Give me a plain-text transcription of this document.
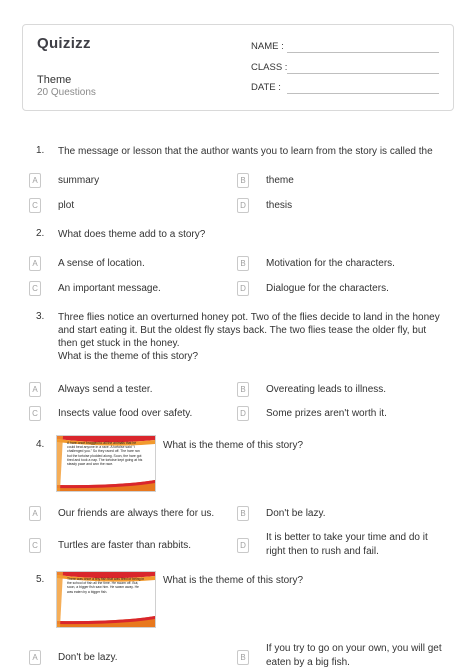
Quizizz
Theme
20 Questions
NAME :
CLASS :
DATE :
1. The message or lesson that the author wants you to learn from the story is called the
A	summary	B	theme
C	plot	D	thesis
2. What does theme add to a story?
A	A sense of location.	B	Motivation for the characters.
C	An important message.	D	Dialogue for the characters.
3. Three flies notice an overturned honey pot. Two of the flies decide to land in the honey
and start eating it. But the oldest fly stays back. The two flies tease the older fly, but
then get stuck in the honey.
What is the theme of this story?
A	Always send a tester.	B	Overeating leads to illness.
C	Insects value food over safety.	D	Some prizes aren't worth it.
4.	A hare once bragged to all the animals that he could beat anyone in a race. A tortoise said "I challenged you." So they raced off. The hare ran but the tortoise plodded along. Soon, the hare got tired and took a nap. The tortoise kept going at his steady pace and won the race.
What is the theme of this story?
A	Our friends are always there for us.	B	Don't be lazy.
C	Turtles are faster than rabbits.	D
It is better to take your time and do it
right then to rush and fail.
5.	There was once a tiny fish that was tired of being in the school of fish all the time. He swam off. But, soon, a bigger fish saw him. He swam away. He was eaten by a bigger fish.
What is the theme of this story?
A	Don't be lazy.	B
If you try to go on your own, you will get
eaten by a big fish.
